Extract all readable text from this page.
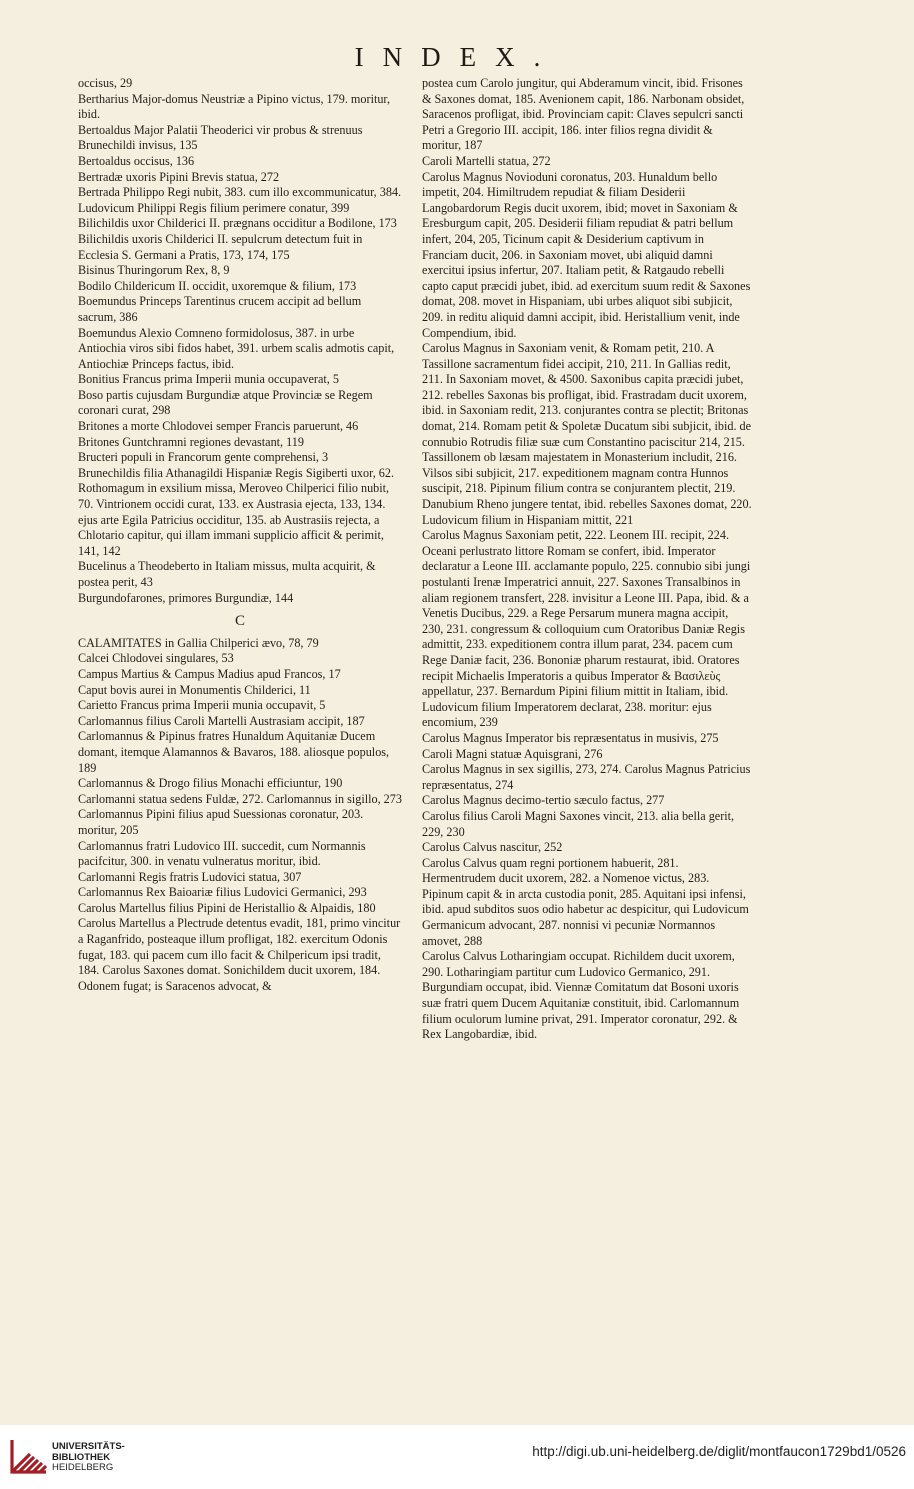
INDEX.

occisus, 29

Bertharius Major-domus Neustriæ a Pipino victus, 179. moritur, ibid.

Bertoaldus Major Palatii Theoderici vir probus & strenuus Brunechildi invisus, 135

Bertoaldus occisus, 136

Bertradæ uxoris Pipini Brevis statua, 272

Bertrada Philippo Regi nubit, 383. cum illo excommunicatur, 384. Ludovicum Philippi Regis filium perimere conatur, 399

Bilichildis uxor Childerici II. prægnans occiditur a Bodilone, 173

Bilichildis uxoris Childerici II. sepulcrum detectum fuit in Ecclesia S. Germani a Pratis, 173, 174, 175

Bisinus Thuringorum Rex, 8, 9

Bodilo Childericum II. occidit, uxoremque & filium, 173

Boemundus Princeps Tarentinus crucem accipit ad bellum sacrum, 386

Boemundus Alexio Comneno formidolosus, 387. in urbe Antiochia viros sibi fidos habet, 391. urbem scalis admotis capit, Antiochiæ Princeps factus, ibid.

Bonitius Francus prima Imperii munia occupaverat, 5

Boso partis cujusdam Burgundiæ atque Provinciæ se Regem coronari curat, 298

Britones a morte Chlodovei semper Francis paruerunt, 46

Britones Guntchramni regiones devastant, 119

Bructeri populi in Francorum gente comprehensi, 3

Brunechildis filia Athanagildi Hispaniæ Regis Sigiberti uxor, 62. Rothomagum in exsilium missa, Meroveo Chilperici filio nubit, 70. Vintrionem occidi curat, 133. ex Austrasia ejecta, 133, 134. ejus arte Egila Patricius occiditur, 135. ab Austrasiis rejecta, a Chlotario capitur, qui illam immani supplicio afficit & perimit, 141, 142

Bucelinus a Theodeberto in Italiam missus, multa acquirit, & postea perit, 43

Burgundofarones, primores Burgundiæ, 144

C

CALAMITATES in Gallia Chilperici ævo, 78, 79

Calcei Chlodovei singulares, 53

Campus Martius & Campus Madius apud Francos, 17

Caput bovis aurei in Monumentis Childerici, 11

Carietto Francus prima Imperii munia occupavit, 5

Carlomannus filius Caroli Martelli Austrasiam accipit, 187

Carlomannus & Pipinus fratres Hunaldum Aquitaniæ Ducem domant, itemque Alamannos & Bavaros, 188. aliosque populos, 189

Carlomannus & Drogo filius Monachi efficiuntur, 190

Carlomanni statua sedens Fuldæ, 272. Carlomannus in sigillo, 273

Carlomannus Pipini filius apud Suessionas coronatur, 203. moritur, 205

Carlomannus fratri Ludovico III. succedit, cum Normannis pacifcitur, 300. in venatu vulneratus moritur, ibid.

Carlomanni Regis fratris Ludovici statua, 307

Carlomannus Rex Baioariæ filius Ludovici Germanici, 293

Carolus Martellus filius Pipini de Heristallio & Alpaidis, 180

Carolus Martellus a Plectrude detentus evadit, 181, primo vincitur a Raganfrido, posteaque illum profligat, 182. exercitum Odonis fugat, 183. qui pacem cum illo facit & Chilpericum ipsi tradit, 184. Carolus Saxones domat. Sonichildem ducit uxorem, 184. Odonem fugat; is Saracenos advocat, &

postea cum Carolo jungitur, qui Abderamum vincit, ibid. Frisones & Saxones domat, 185. Avenionem capit, 186. Narbonam obsidet, Saracenos profligat, ibid. Provinciam capit: Claves sepulcri sancti Petri a Gregorio III. accipit, 186. inter filios regna dividit & moritur, 187

Caroli Martelli statua, 272

Carolus Magnus Novioduni coronatus, 203. Hunaldum bello impetit, 204. Himiltrudem repudiat & filiam Desiderii Langobardorum Regis ducit uxorem, ibid; movet in Saxoniam & Eresburgum capit, 205. Desiderii filiam repudiat & patri bellum infert, 204, 205, Ticinum capit & Desiderium captivum in Franciam ducit, 206. in Saxoniam movet, ubi aliquid damni exercitui ipsius infertur, 207. Italiam petit, & Ratgaudo rebelli capto caput præcidi jubet, ibid. ad exercitum suum redit & Saxones domat, 208. movet in Hispaniam, ubi urbes aliquot sibi subjicit, 209. in reditu aliquid damni accipit, ibid. Heristallium venit, inde Compendium, ibid.

Carolus Magnus in Saxoniam venit, & Romam petit, 210. A Tassillone sacramentum fidei accipit, 210, 211. In Gallias redit, 211. In Saxoniam movet, & 4500. Saxonibus capita præcidi jubet, 212. rebelles Saxonas bis profligat, ibid. Frastradam ducit uxorem, ibid. in Saxoniam redit, 213. conjurantes contra se plectit; Britonas domat, 214. Romam petit & Spoletæ Ducatum sibi subjicit, ibid. de connubio Rotrudis filiæ suæ cum Constantino paciscitur 214, 215. Tassillonem ob læsam majestatem in Monasterium includit, 216. Vilsos sibi subjicit, 217. expeditionem magnam contra Hunnos suscipit, 218. Pipinum filium contra se conjurantem plectit, 219. Danubium Rheno jungere tentat, ibid. rebelles Saxones domat, 220. Ludovicum filium in Hispaniam mittit, 221

Carolus Magnus Saxoniam petit, 222. Leonem III. recipit, 224. Oceani perlustrato littore Romam se confert, ibid. Imperator declaratur a Leone III. acclamante populo, 225. connubio sibi jungi postulanti Irenæ Imperatrici annuit, 227. Saxones Transalbinos in aliam regionem transfert, 228. invisitur a Leone III. Papa, ibid. & a Venetis Ducibus, 229. a Rege Persarum munera magna accipit, 230, 231. congressum & colloquium cum Oratoribus Daniæ Regis admittit, 233. expeditionem contra illum parat, 234. pacem cum Rege Daniæ facit, 236. Bononiæ pharum restaurat, ibid. Oratores recipit Michaelis Imperatoris a quibus Imperator & Βασιλεὺς appellatur, 237. Bernardum Pipini filium mittit in Italiam, ibid. Ludovicum filium Imperatorem declarat, 238. moritur: ejus encomium, 239

Carolus Magnus Imperator bis repræsentatus in musivis, 275

Caroli Magni statuæ Aquisgrani, 276

Carolus Magnus in sex sigillis, 273, 274. Carolus Magnus Patricius repræsentatus, 274

Carolus Magnus decimo-tertio sæculo factus, 277

Carolus filius Caroli Magni Saxones vincit, 213. alia bella gerit, 229, 230

Carolus Calvus nascitur, 252

Carolus Calvus quam regni portionem habuerit, 281. Hermentrudem ducit uxorem, 282. a Nomenoe victus, 283. Pipinum capit & in arcta custodia ponit, 285. Aquitani ipsi infensi, ibid. apud subditos suos odio habetur ac despicitur, qui Ludovicum Germanicum advocant, 287. nonnisi vi pecuniæ Normannos amovet, 288

Carolus Calvus Lotharingiam occupat. Richildem ducit uxorem, 290. Lotharingiam partitur cum Ludovico Germanico, 291. Burgundiam occupat, ibid. Viennæ Comitatum dat Bosoni uxoris suæ fratri quem Ducem Aquitaniæ constituit, ibid. Carlomannum filium oculorum lumine privat, 291. Imperator coronatur, 292. & Rex Langobardiæ, ibid.

UNIVERSITÄTS-
BIBLIOTHEK
HEIDELBERG
http://digi.ub.uni-heidelberg.de/diglit/montfaucon1729bd1/0526
